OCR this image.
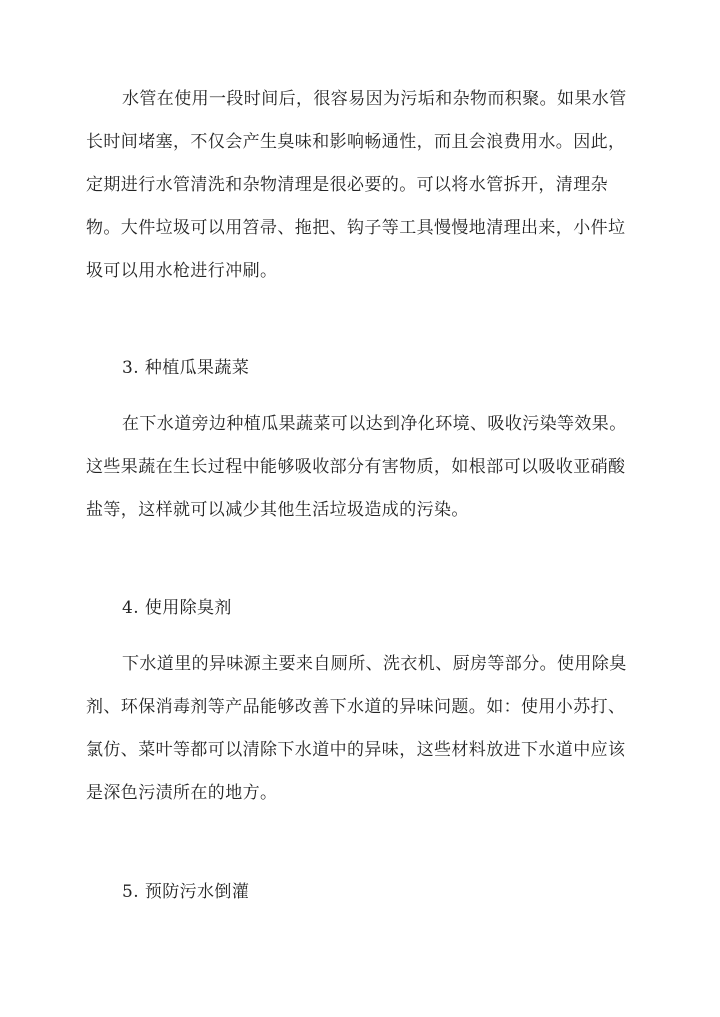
水管在使用一段时间后，很容易因为污垢和杂物而积聚。如果水管长时间堵塞，不仅会产生臭味和影响畅通性，而且会浪费用水。因此，定期进行水管清洗和杂物清理是很必要的。可以将水管拆开，清理杂物。大件垃圾可以用笤帚、拖把、钩子等工具慢慢地清理出来，小件垃圾可以用水枪进行冲刷。

3. 种植瓜果蔬菜

在下水道旁边种植瓜果蔬菜可以达到净化环境、吸收污染等效果。这些果蔬在生长过程中能够吸收部分有害物质，如根部可以吸收亚硝酸盐等，这样就可以减少其他生活垃圾造成的污染。

4. 使用除臭剂

下水道里的异味源主要来自厕所、洗衣机、厨房等部分。使用除臭剂、环保消毒剂等产品能够改善下水道的异味问题。如：使用小苏打、氯仿、菜叶等都可以清除下水道中的异味，这些材料放进下水道中应该是深色污渍所在的地方。

5. 预防污水倒灌
